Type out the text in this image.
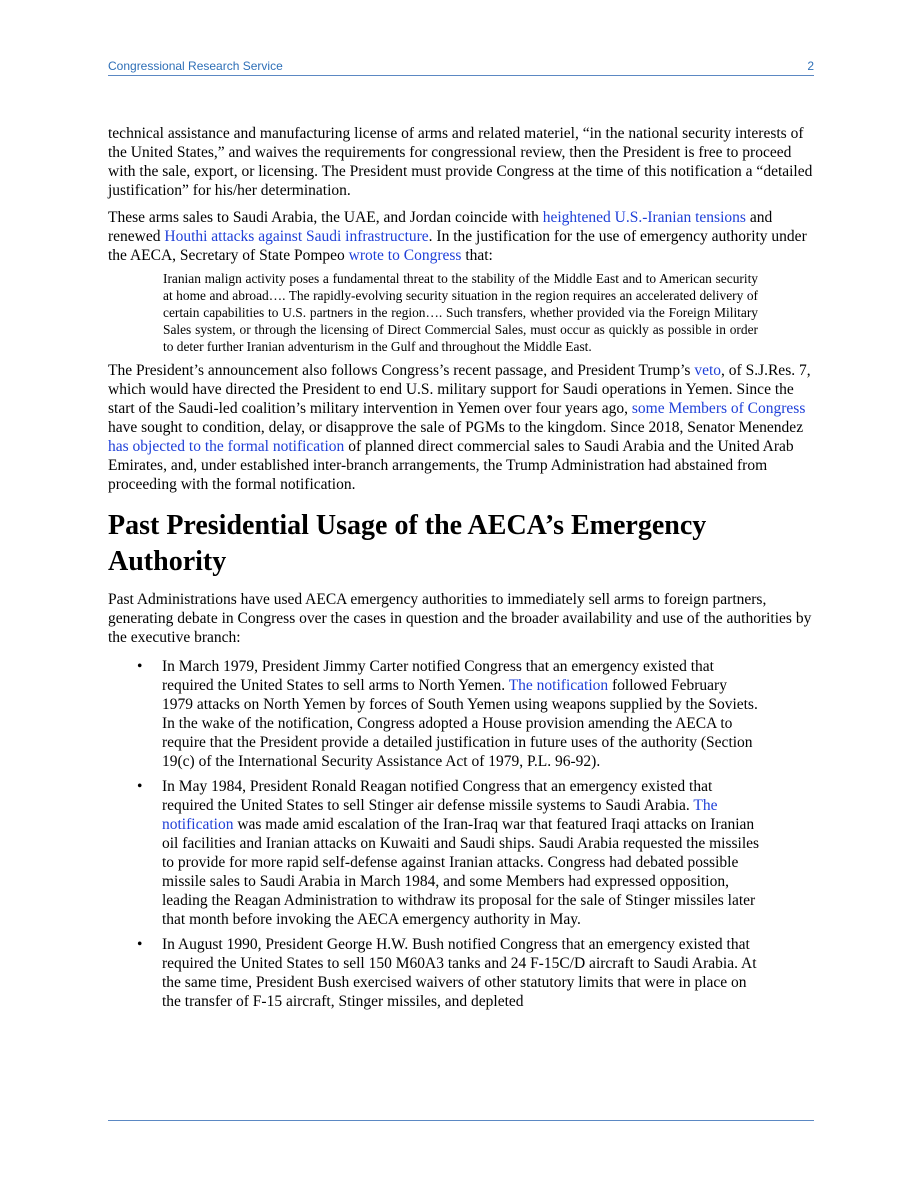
Congressional Research Service	2

technical assistance and manufacturing license of arms and related materiel, “in the national security interests of the United States,” and waives the requirements for congressional review, then the President is free to proceed with the sale, export, or licensing. The President must provide Congress at the time of this notification a “detailed justification” for his/her determination.

These arms sales to Saudi Arabia, the UAE, and Jordan coincide with heightened U.S.-Iranian tensions and renewed Houthi attacks against Saudi infrastructure. In the justification for the use of emergency authority under the AECA, Secretary of State Pompeo wrote to Congress that:

Iranian malign activity poses a fundamental threat to the stability of the Middle East and to American security at home and abroad…. The rapidly-evolving security situation in the region requires an accelerated delivery of certain capabilities to U.S. partners in the region…. Such transfers, whether provided via the Foreign Military Sales system, or through the licensing of Direct Commercial Sales, must occur as quickly as possible in order to deter further Iranian adventurism in the Gulf and throughout the Middle East.

The President’s announcement also follows Congress’s recent passage, and President Trump’s veto, of S.J.Res. 7, which would have directed the President to end U.S. military support for Saudi operations in Yemen. Since the start of the Saudi-led coalition’s military intervention in Yemen over four years ago, some Members of Congress have sought to condition, delay, or disapprove the sale of PGMs to the kingdom. Since 2018, Senator Menendez has objected to the formal notification of planned direct commercial sales to Saudi Arabia and the United Arab Emirates, and, under established inter-branch arrangements, the Trump Administration had abstained from proceeding with the formal notification.

Past Presidential Usage of the AECA’s Emergency Authority

Past Administrations have used AECA emergency authorities to immediately sell arms to foreign partners, generating debate in Congress over the cases in question and the broader availability and use of the authorities by the executive branch:

• In March 1979, President Jimmy Carter notified Congress that an emergency existed that required the United States to sell arms to North Yemen. The notification followed February 1979 attacks on North Yemen by forces of South Yemen using weapons supplied by the Soviets. In the wake of the notification, Congress adopted a House provision amending the AECA to require that the President provide a detailed justification in future uses of the authority (Section 19(c) of the International Security Assistance Act of 1979, P.L. 96-92).
• In May 1984, President Ronald Reagan notified Congress that an emergency existed that required the United States to sell Stinger air defense missile systems to Saudi Arabia. The notification was made amid escalation of the Iran-Iraq war that featured Iraqi attacks on Iranian oil facilities and Iranian attacks on Kuwaiti and Saudi ships. Saudi Arabia requested the missiles to provide for more rapid self-defense against Iranian attacks. Congress had debated possible missile sales to Saudi Arabia in March 1984, and some Members had expressed opposition, leading the Reagan Administration to withdraw its proposal for the sale of Stinger missiles later that month before invoking the AECA emergency authority in May.
• In August 1990, President George H.W. Bush notified Congress that an emergency existed that required the United States to sell 150 M60A3 tanks and 24 F-15C/D aircraft to Saudi Arabia. At the same time, President Bush exercised waivers of other statutory limits that were in place on the transfer of F-15 aircraft, Stinger missiles, and depleted
